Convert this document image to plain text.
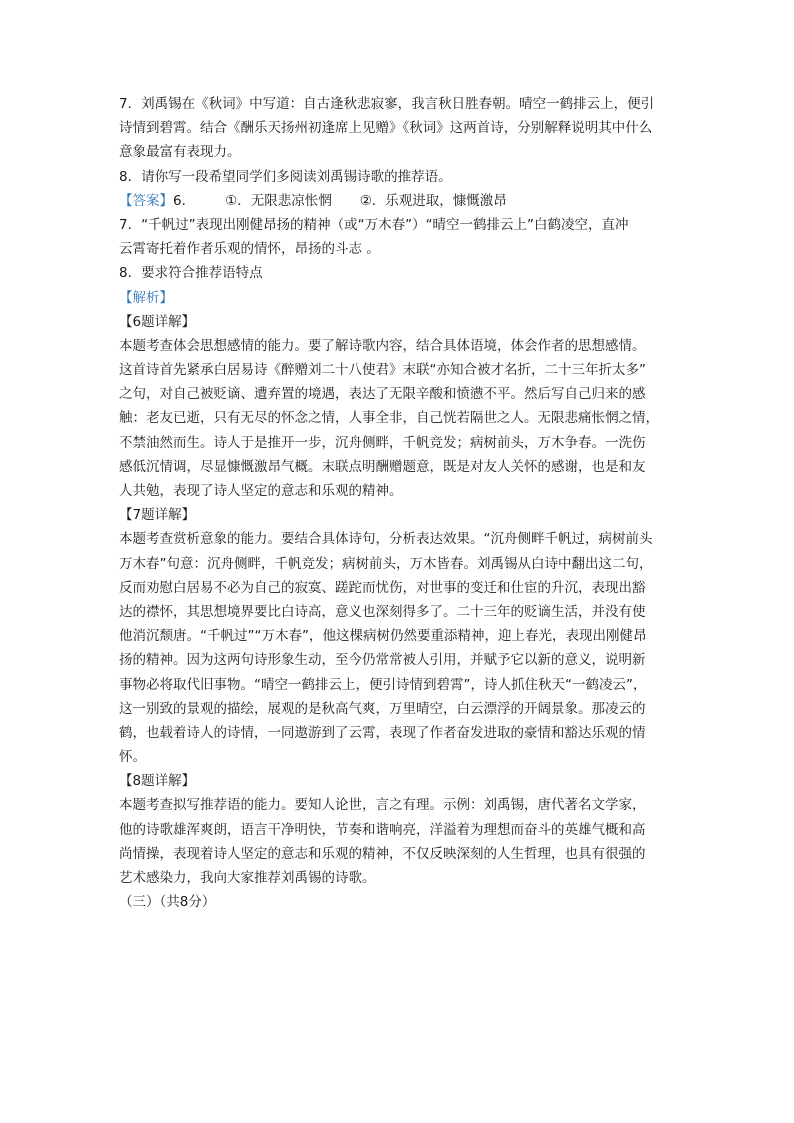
7．刘禹锡在《秋词》中写道：自古逢秋悲寂寥，我言秋日胜春朝。晴空一鹤排云上，便引
诗情到碧霄。结合《酬乐天扬州初逢席上见赠》《秋词》这两首诗，分别解释说明其中什么
意象最富有表现力。
8．请你写一段希望同学们多阅读刘禹锡诗歌的推荐语。
【答案】6． ①．无限悲凉怅惘 ②．乐观进取，慷慨激昂
7．“千帆过”表现出刚健昂扬的精神（或“万木春”）“晴空一鹤排云上”白鹤凌空，直冲
云霄寄托着作者乐观的情怀，昂扬的斗志 。
8．要求符合推荐语特点
【解析】
【6题详解】
本题考查体会思想感情的能力。要了解诗歌内容，结合具体语境，体会作者的思想感情。
这首诗首先紧承白居易诗《醉赠刘二十八使君》末联“亦知合被才名折，二十三年折太多”
之句，对自己被贬谪、遭弃置的境遇，表达了无限辛酸和愤懑不平。然后写自己归来的感
触：老友已逝，只有无尽的怀念之情，人事全非，自己恍若隔世之人。无限悲痛怅惘之情，
不禁油然而生。诗人于是推开一步，沉舟侧畔，千帆竞发；病树前头，万木争春。一洗伤
感低沉情调，尽显慷慨激昂气概。末联点明酬赠题意，既是对友人关怀的感谢，也是和友
人共勉，表现了诗人坚定的意志和乐观的精神。
【7题详解】
本题考查赏析意象的能力。要结合具体诗句，分析表达效果。“沉舟侧畔千帆过，病树前头
万木春”句意：沉舟侧畔，千帆竞发；病树前头，万木皆春。刘禹锡从白诗中翻出这二句，
反而劝慰白居易不必为自己的寂寞、蹉跎而忧伤，对世事的变迁和仕宦的升沉，表现出豁
达的襟怀，其思想境界要比白诗高，意义也深刻得多了。二十三年的贬谪生活，并没有使
他消沉颓唐。“千帆过”“万木春”，他这棵病树仍然要重添精神，迎上春光，表现出刚健昂
扬的精神。因为这两句诗形象生动，至今仍常常被人引用，并赋予它以新的意义，说明新
事物必将取代旧事物。“晴空一鹤排云上，便引诗情到碧霄”，诗人抓住秋天“一鹤凌云”，
这一别致的景观的描绘，展观的是秋高气爽，万里晴空，白云漂浮的开阔景象。那凌云的
鹤，也载着诗人的诗情，一同遨游到了云霄，表现了作者奋发进取的豪情和豁达乐观的情
怀。
【8题详解】
本题考查拟写推荐语的能力。要知人论世，言之有理。示例：刘禹锡，唐代著名文学家，
他的诗歌雄浑爽朗，语言干净明快，节奏和谐响亮，洋溢着为理想而奋斗的英雄气概和高
尚情操，表现着诗人坚定的意志和乐观的精神，不仅反映深刻的人生哲理，也具有很强的
艺术感染力，我向大家推荐刘禹锡的诗歌。
（三）（共8分）
